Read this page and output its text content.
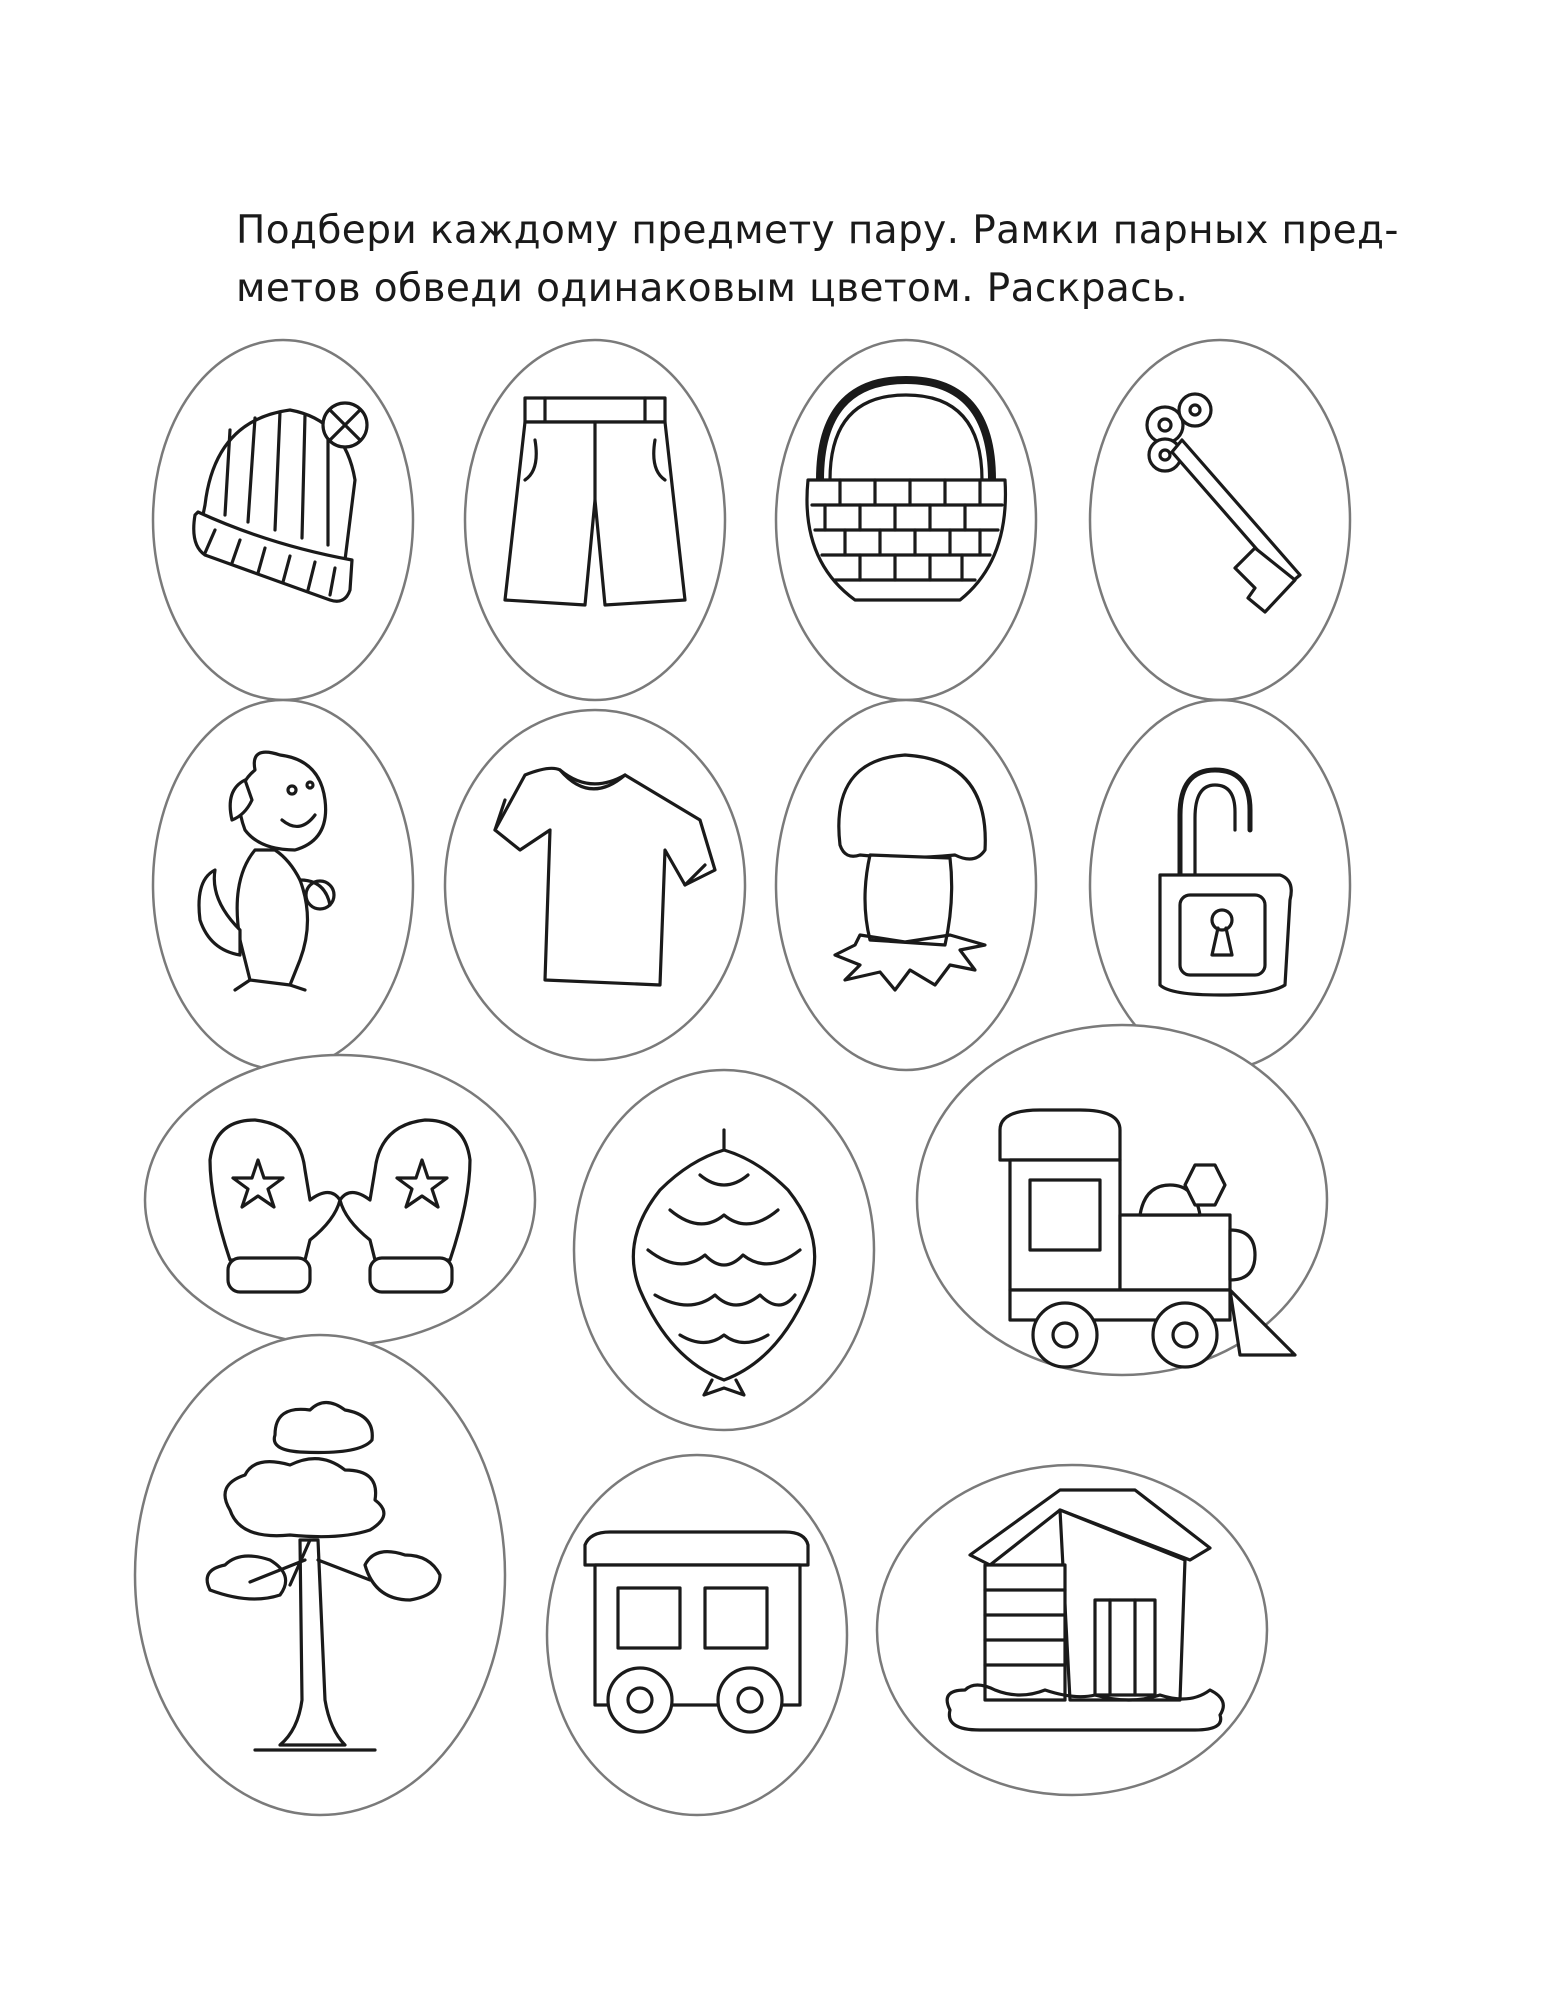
Подбери каждому предмету пару. Рамки парных пред-
метов обведи одинаковым цветом. Раскрась.
